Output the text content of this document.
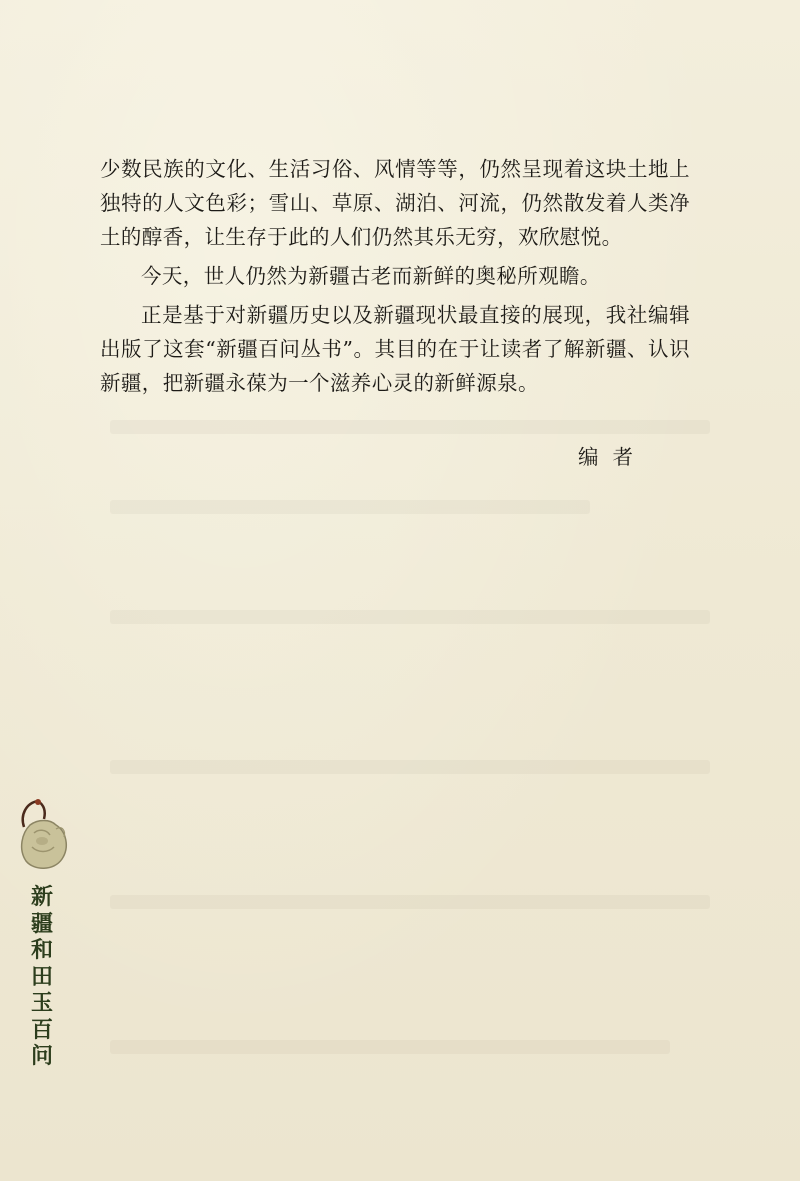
少数民族的文化、生活习俗、风情等等，仍然呈现着这块土地上独特的人文色彩；雪山、草原、湖泊、河流，仍然散发着人类净土的醇香，让生存于此的人们仍然其乐无穷，欢欣慰悦。

今天，世人仍然为新疆古老而新鲜的奥秘所观瞻。

正是基于对新疆历史以及新疆现状最直接的展现，我社编辑出版了这套“新疆百问丛书”。其目的在于让读者了解新疆、认识新疆，把新疆永葆为一个滋养心灵的新鲜源泉。

编者
新
疆
和
田
玉
百
问
